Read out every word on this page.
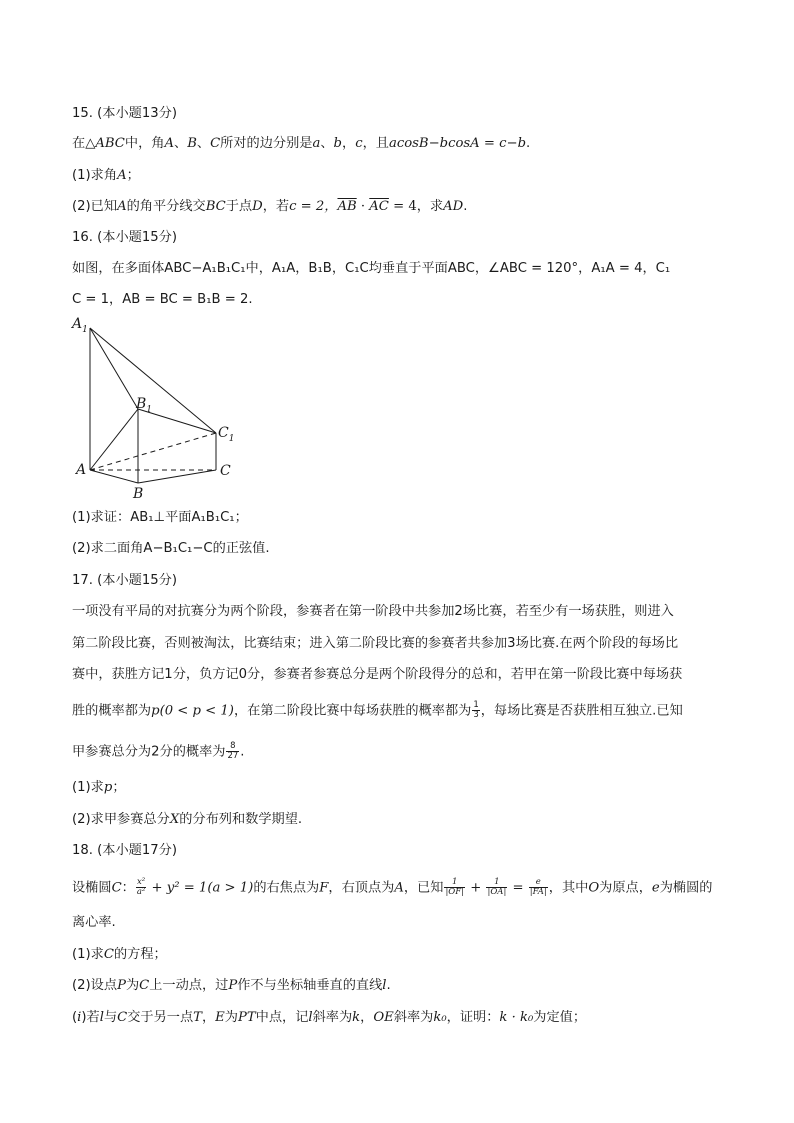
15. (本小题13分)
在△ABC中，角A、B、C所对的边分别是a、b，c，且acosB−bcosA = c−b.
(1)求角A；
(2)已知A的角平分线交BC于点D，若c = 2，$\overline{AB} \cdot \overline{AC} = 4$，求AD.
16. (本小题15分)
如图，在多面体ABC−A₁B₁C₁中，A₁A，B₁B，C₁C均垂直于平面ABC，∠ABC = 120°，A₁A = 4，C₁
C = 1，AB = BC = B₁B = 2.
$A_1$
$B_1$
$C_1$
A
B
C
(1)求证：AB₁⊥平面A₁B₁C₁；
(2)求二面角A−B₁C₁−C的正弦值.
17. (本小题15分)
一项没有平局的对抗赛分为两个阶段，参赛者在第一阶段中共参加2场比赛，若至少有一场获胜，则进入
第二阶段比赛，否则被淘汰，比赛结束；进入第二阶段比赛的参赛者共参加3场比赛.在两个阶段的每场比
赛中，获胜方记1分，负方记0分，参赛者参赛总分是两个阶段得分的总和，若甲在第一阶段比赛中每场获
胜的概率都为p(0 < p < 1)，在第二阶段比赛中每场获胜的概率都为 $\frac{1}{3}$ ，每场比赛是否获胜相互独立.已知
甲参赛总分为2分的概率为 $\frac{8}{27}$ .
(1)求p；
(2)求甲参赛总分X的分布列和数学期望.
18. (本小题17分)
设椭圆C： $\frac{\text{x²}}{\text{a²}} + y^2 = 1(a > 1)$的右焦点为F，右顶点为A，已知 $\frac{1}{|OF|} + \frac{1}{|OA|} = \frac{e}{|FA|}$ ，其中O为原点，e为椭圆的
离心率.
(1)求C的方程；
(2)设点P为C上一动点，过P作不与坐标轴垂直的直线l.
(i)若l与C交于另一点T，E为PT中点，记l斜率为k，OE斜率为k₀，证明：k · k₀为定值；
